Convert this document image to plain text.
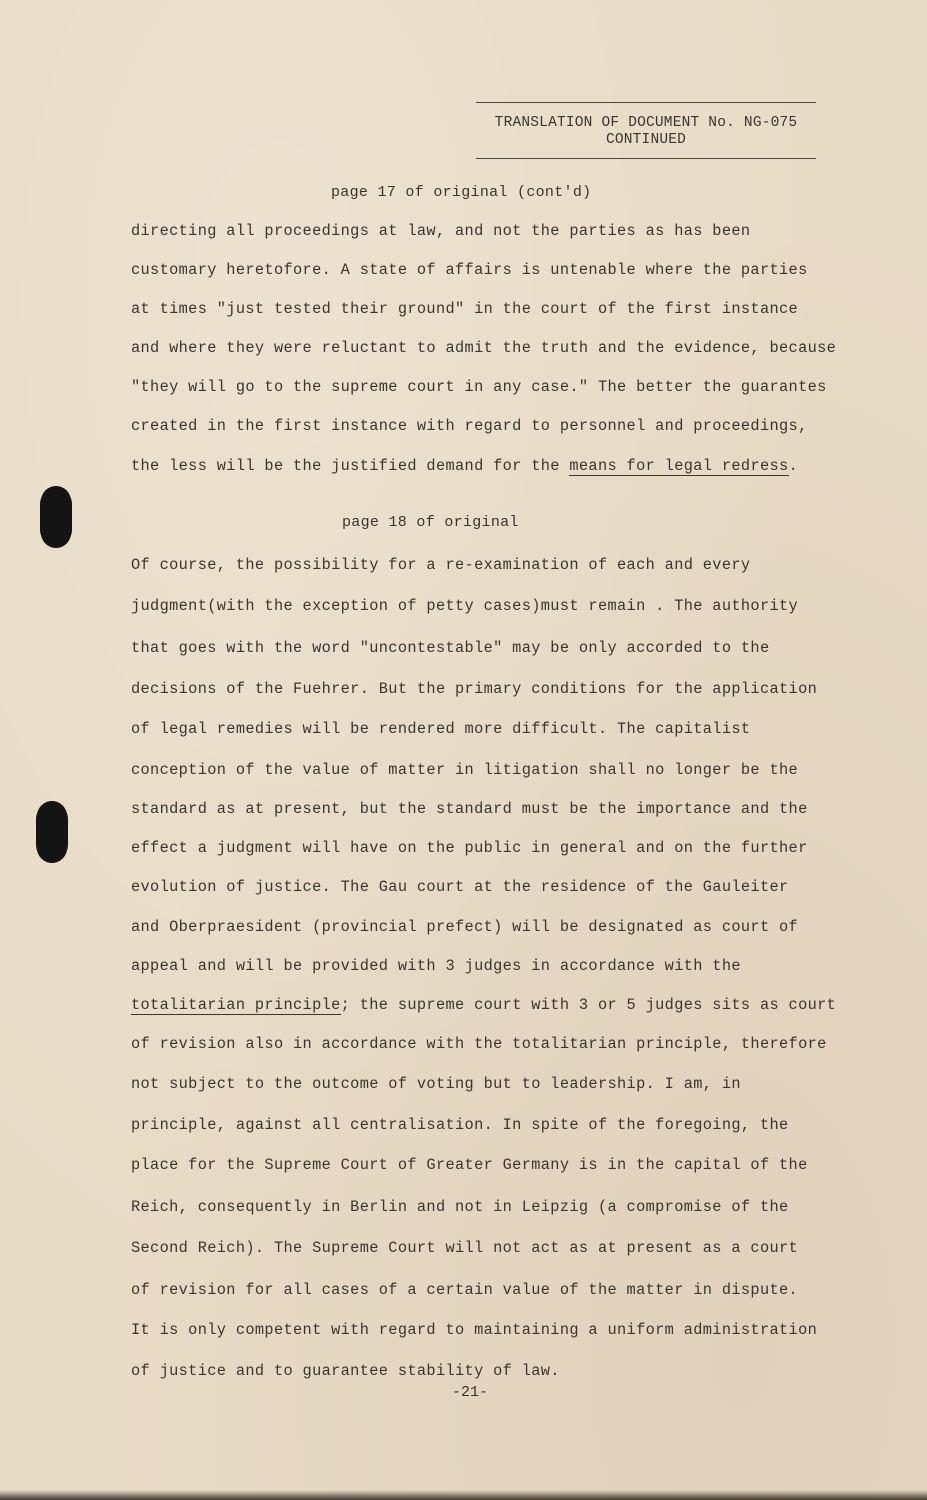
TRANSLATION OF DOCUMENT No. NG-075
CONTINUED
page 17 of original (cont'd)
directing all proceedings at law, and not the parties as has been
customary heretofore. A state of affairs is untenable where the parties
at times "just tested their ground" in the court of the first instance
and where they were reluctant to admit the truth and the evidence, because
"they will go to the supreme court in any case." The better the guarantes
created in the first instance with regard to personnel and proceedings,
the less will be the justified demand for the means for legal redress.
page 18 of original
Of course, the possibility for a re-examination of each and every
judgment(with the exception of petty cases)must remain . The authority
that goes with the word "uncontestable" may be only accorded to the
decisions of the Fuehrer. But the primary conditions for the application
of legal remedies will be rendered more difficult. The capitalist
conception of the value of matter in litigation shall no longer be the
standard as at present, but the standard must be the importance and the
effect a judgment will have on the public in general and on the further
evolution of justice. The Gau court at the residence of the Gauleiter
and Oberpraesident (provincial prefect) will be designated as court of
appeal and will be provided with 3 judges in accordance with the
totalitarian principle; the supreme court with 3 or 5 judges sits as court
of revision also in accordance with the totalitarian principle, therefore
not subject to the outcome of voting but to leadership. I am, in
principle, against all centralisation. In spite of the foregoing, the
place for the Supreme Court of Greater Germany is in the capital of the
Reich, consequently in Berlin and not in Leipzig (a compromise of the
Second Reich). The Supreme Court will not act as at present as a court
of revision for all cases of a certain value of the matter in dispute.
It is only competent with regard to maintaining a uniform administration
of justice and to guarantee stability of law.
-21-
